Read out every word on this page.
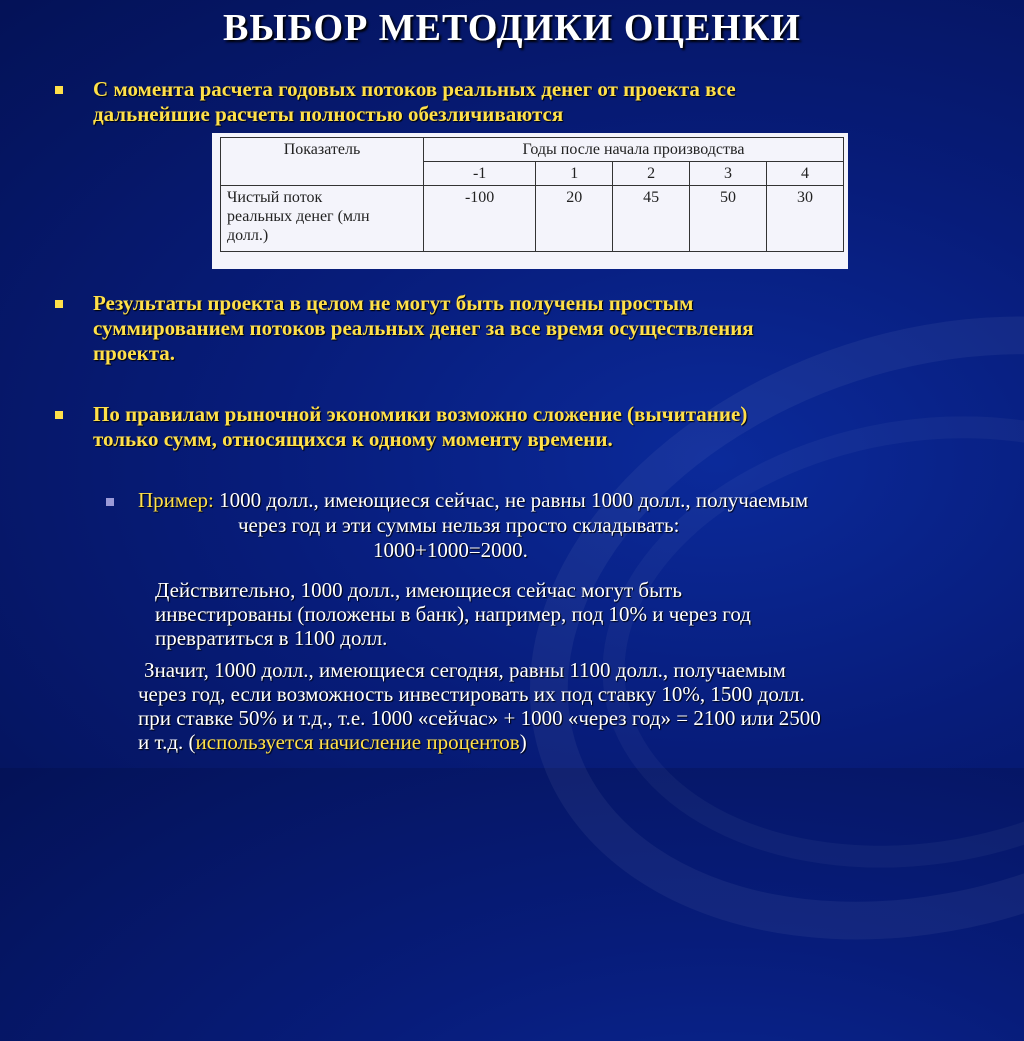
ВЫБОР МЕТОДИКИ ОЦЕНКИ
С момента расчета годовых потоков реальных денег от проекта все
дальнейшие расчеты полностью обезличиваются
Показатель	Годы после начала производства				
	-1	1	2	3	4

Чистый поток
реальных денег (млн
долл.)	-100	20	45	50	30
Результаты проекта в целом не могут быть получены простым
суммированием потоков реальных денег за все время осуществления
проекта.
По правилам рыночной экономики возможно сложение (вычитание)
только сумм, относящихся к одному моменту времени.
Пример: 1000 долл., имеющиеся сейчас, не равны 1000 долл., получаемым
через год и эти суммы нельзя просто складывать:
1000+1000=2000.
Действительно, 1000 долл., имеющиеся сейчас могут быть
инвестированы (положены в банк), например, под 10% и через год
превратиться в 1100 долл.
Значит, 1000 долл., имеющиеся сегодня, равны 1100 долл., получаемым
через год, если возможность инвестировать их под ставку 10%, 1500 долл.
при ставке 50% и т.д., т.е. 1000 «сейчас» + 1000 «через год» = 2100 или 2500
и т.д. (используется начисление процентов)
